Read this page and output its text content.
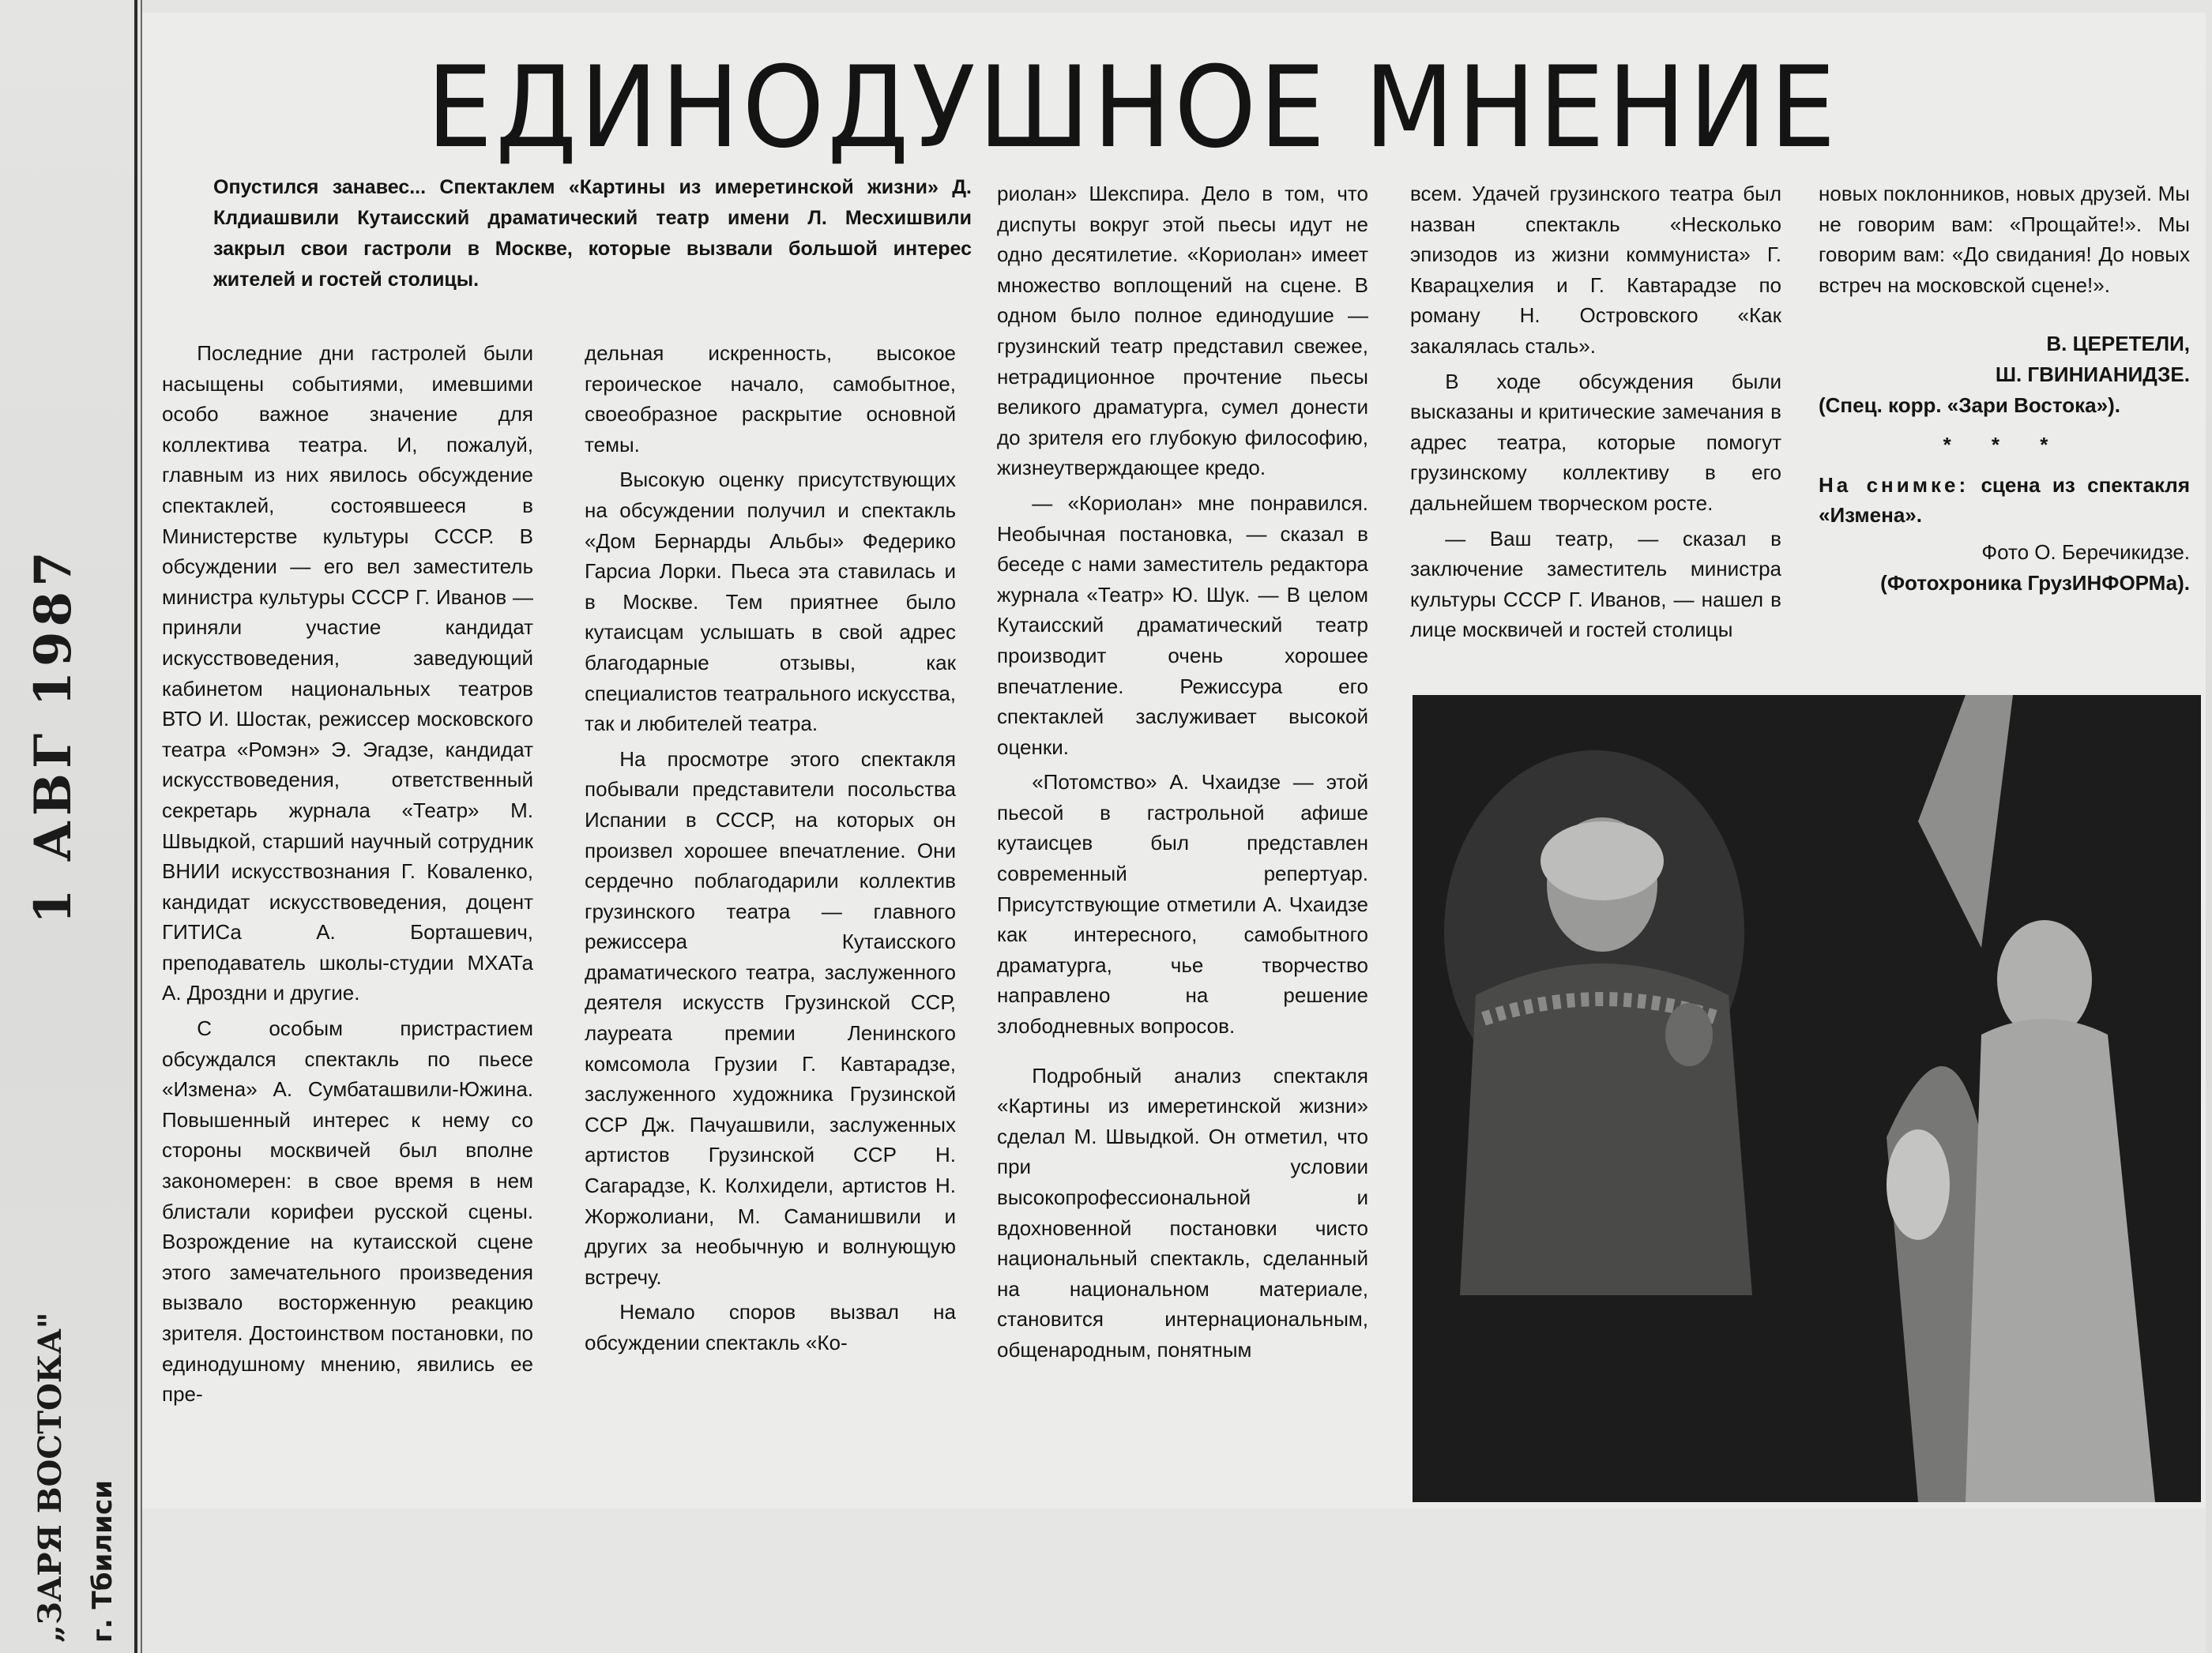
1 АВГ 1987
„ЗАРЯ ВОСТОКА" г. Тбилиси
ЕДИНОДУШНОЕ МНЕНИЕ
Опустился занавес... Спектаклем «Картины из имеретинской жизни» Д. Клдиашвили Кутаисский драматический театр имени Л. Месхишвили закрыл свои гастроли в Москве, которые вызвали большой интерес жителей и гостей столицы.

Последние дни гастролей были насыщены событиями, имевшими особо важное значение для коллектива театра. И, пожалуй, главным из них явилось обсуждение спектаклей, состоявшееся в Министерстве культуры СССР. В обсуждении — его вел заместитель министра культуры СССР Г. Иванов — приняли участие кандидат искусствоведения, заведующий кабинетом национальных театров ВТО И. Шостак, режиссер московского театра «Ромэн» Э. Эгадзе, кандидат искусствоведения, ответственный секретарь журнала «Театр» М. Швыдкой, старший научный сотрудник ВНИИ искусствознания Г. Коваленко, кандидат искусствоведения, доцент ГИТИСа А. Борташевич, преподаватель школы-студии МХАТа А. Дроздни и другие.

С особым пристрастием обсуждался спектакль по пьесе «Измена» А. Сумбаташвили-Южина. Повышенный интерес к нему со стороны москвичей был вполне закономерен: в свое время в нем блистали корифеи русской сцены. Возрождение на кутаисской сцене этого замечательного произведения вызвало восторженную реакцию зрителя. Достоинством постановки, по единодушному мнению, явились ее пре-

дельная искренность, высокое героическое начало, самобытное, своеобразное раскрытие основной темы.

Высокую оценку присутствующих на обсуждении получил и спектакль «Дом Бернарды Альбы» Федерико Гарсиа Лорки. Пьеса эта ставилась и в Москве. Тем приятнее было кутаисцам услышать в свой адрес благодарные отзывы, как специалистов театрального искусства, так и любителей театра.

На просмотре этого спектакля побывали представители посольства Испании в СССР, на которых он произвел хорошее впечатление. Они сердечно поблагодарили коллектив грузинского театра — главного режиссера Кутаисского драматического театра, заслуженного деятеля искусств Грузинской ССР, лауреата премии Ленинского комсомола Грузии Г. Кавтарадзе, заслуженного художника Грузинской ССР Дж. Пачуашвили, заслуженных артистов Грузинской ССР Н. Сагарадзе, К. Колхидели, артистов Н. Жоржолиани, М. Саманишвили и других за необычную и волнующую встречу.

Немало споров вызвал на обсуждении спектакль «Ко-

риолан» Шекспира. Дело в том, что диспуты вокруг этой пьесы идут не одно десятилетие. «Кориолан» имеет множество воплощений на сцене. В одном было полное единодушие — грузинский театр представил свежее, нетрадиционное прочтение пьесы великого драматурга, сумел донести до зрителя его глубокую философию, жизнеутверждающее кредо.

— «Кориолан» мне понравился. Необычная постановка, — сказал в беседе с нами заместитель редактора журнала «Театр» Ю. Шук. — В целом Кутаисский драматический театр производит очень хорошее впечатление. Режиссура его спектаклей заслуживает высокой оценки.

«Потомство» А. Чхаидзе — этой пьесой в гастрольной афише кутаисцев был представлен современный репертуар. Присутствующие отметили А. Чхаидзе как интересного, самобытного драматурга, чье творчество направлено на решение злободневных вопросов.

Подробный анализ спектакля «Картины из имеретинской жизни» сделал М. Швыдкой. Он отметил, что при условии высокопрофессиональной и вдохновенной постановки чисто национальный спектакль, сделанный на национальном материале, становится интернациональным, общенародным, понятным

всем. Удачей грузинского театра был назван спектакль «Несколько эпизодов из жизни коммуниста» Г. Кварацхелия и Г. Кавтарадзе по роману Н. Островского «Как закалялась сталь».

В ходе обсуждения были высказаны и критические замечания в адрес театра, которые помогут грузинскому коллективу в его дальнейшем творческом росте.

— Ваш театр, — сказал в заключение заместитель министра культуры СССР Г. Иванов, — нашел в лице москвичей и гостей столицы

новых поклонников, новых друзей. Мы не говорим вам: «Прощайте!». Мы говорим вам: «До свидания! До новых встреч на московской сцене!».

В. ЦЕРЕТЕЛИ,

Ш. ГВИНИАНИДЗЕ.

(Спец. корр. «Зари Востока»).

* * *

На снимке: сцена из спектакля «Измена».

Фото О. Беречикидзе.

(Фотохроника ГрузИНФОРМа).
